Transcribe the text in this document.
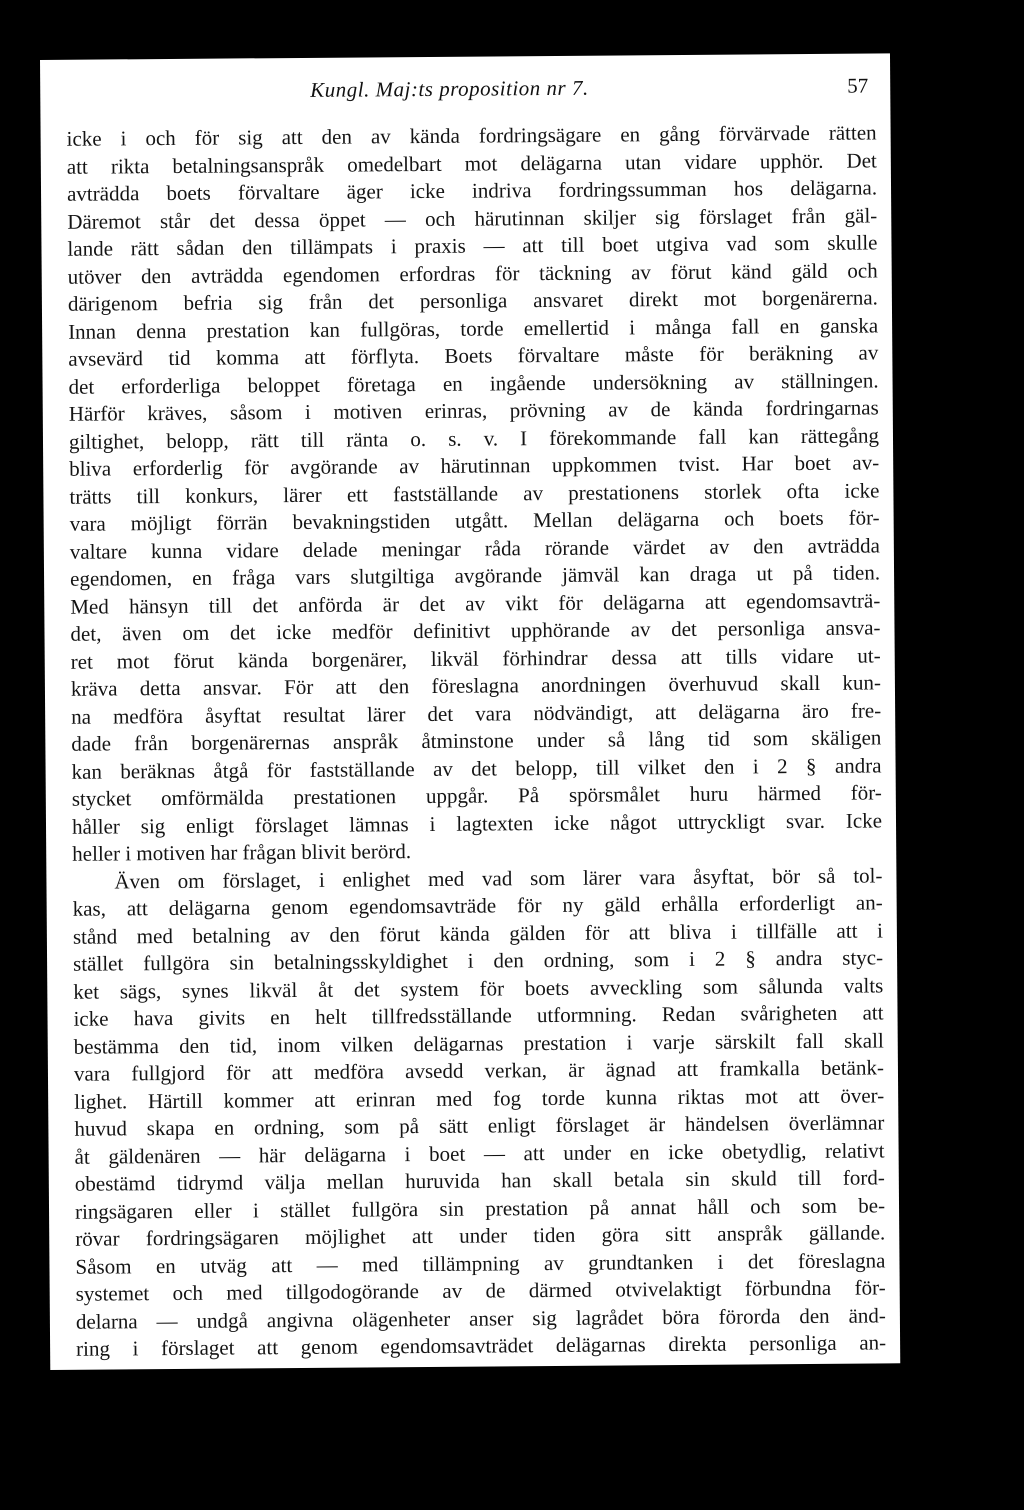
Kungl. Maj:ts proposition nr 7.	57

icke i och för sig att den av kända fordringsägare en gång förvärvade rätten

att rikta betalningsanspråk omedelbart mot delägarna utan vidare upphör. Det

avträdda boets förvaltare äger icke indriva fordringssumman hos delägarna.

Däremot står det dessa öppet — och härutinnan skiljer sig förslaget från gäl-

lande rätt sådan den tillämpats i praxis — att till boet utgiva vad som skulle

utöver den avträdda egendomen erfordras för täckning av förut känd gäld och

därigenom befria sig från det personliga ansvaret direkt mot borgenärerna.

Innan denna prestation kan fullgöras, torde emellertid i många fall en ganska

avsevärd tid komma att förflyta. Boets förvaltare måste för beräkning av

det erforderliga beloppet företaga en ingående undersökning av ställningen.

Härför kräves, såsom i motiven erinras, prövning av de kända fordringarnas

giltighet, belopp, rätt till ränta o. s. v. I förekommande fall kan rättegång

bliva erforderlig för avgörande av härutinnan uppkommen tvist. Har boet av-

trätts till konkurs, lärer ett fastställande av prestationens storlek ofta icke

vara möjligt förrän bevakningstiden utgått. Mellan delägarna och boets för-

valtare kunna vidare delade meningar råda rörande värdet av den avträdda

egendomen, en fråga vars slutgiltiga avgörande jämväl kan draga ut på tiden.

Med hänsyn till det anförda är det av vikt för delägarna att egendomsavträ-

det, även om det icke medför definitivt upphörande av det personliga ansva-

ret mot förut kända borgenärer, likväl förhindrar dessa att tills vidare ut-

kräva detta ansvar. För att den föreslagna anordningen överhuvud skall kun-

na medföra åsyftat resultat lärer det vara nödvändigt, att delägarna äro fre-

dade från borgenärernas anspråk åtminstone under så lång tid som skäligen

kan beräknas åtgå för fastställande av det belopp, till vilket den i 2 § andra

stycket omförmälda prestationen uppgår. På spörsmålet huru härmed för-

håller sig enligt förslaget lämnas i lagtexten icke något uttryckligt svar. Icke

heller i motiven har frågan blivit berörd.

Även om förslaget, i enlighet med vad som lärer vara åsyftat, bör så tol-

kas, att delägarna genom egendomsavträde för ny gäld erhålla erforderligt an-

stånd med betalning av den förut kända gälden för att bliva i tillfälle att i

stället fullgöra sin betalningsskyldighet i den ordning, som i 2 § andra styc-

ket sägs, synes likväl åt det system för boets avveckling som sålunda valts

icke hava givits en helt tillfredsställande utformning. Redan svårigheten att

bestämma den tid, inom vilken delägarnas prestation i varje särskilt fall skall

vara fullgjord för att medföra avsedd verkan, är ägnad att framkalla betänk-

lighet. Härtill kommer att erinran med fog torde kunna riktas mot att över-

huvud skapa en ordning, som på sätt enligt förslaget är händelsen överlämnar

åt gäldenären — här delägarna i boet — att under en icke obetydlig, relativt

obestämd tidrymd välja mellan huruvida han skall betala sin skuld till ford-

ringsägaren eller i stället fullgöra sin prestation på annat håll och som be-

rövar fordringsägaren möjlighet att under tiden göra sitt anspråk gällande.

Såsom en utväg att — med tillämpning av grundtanken i det föreslagna

systemet och med tillgodogörande av de därmed otvivelaktigt förbundna för-

delarna — undgå angivna olägenheter anser sig lagrådet böra förorda den änd-

ring i förslaget att genom egendomsavträdet delägarnas direkta personliga an-
